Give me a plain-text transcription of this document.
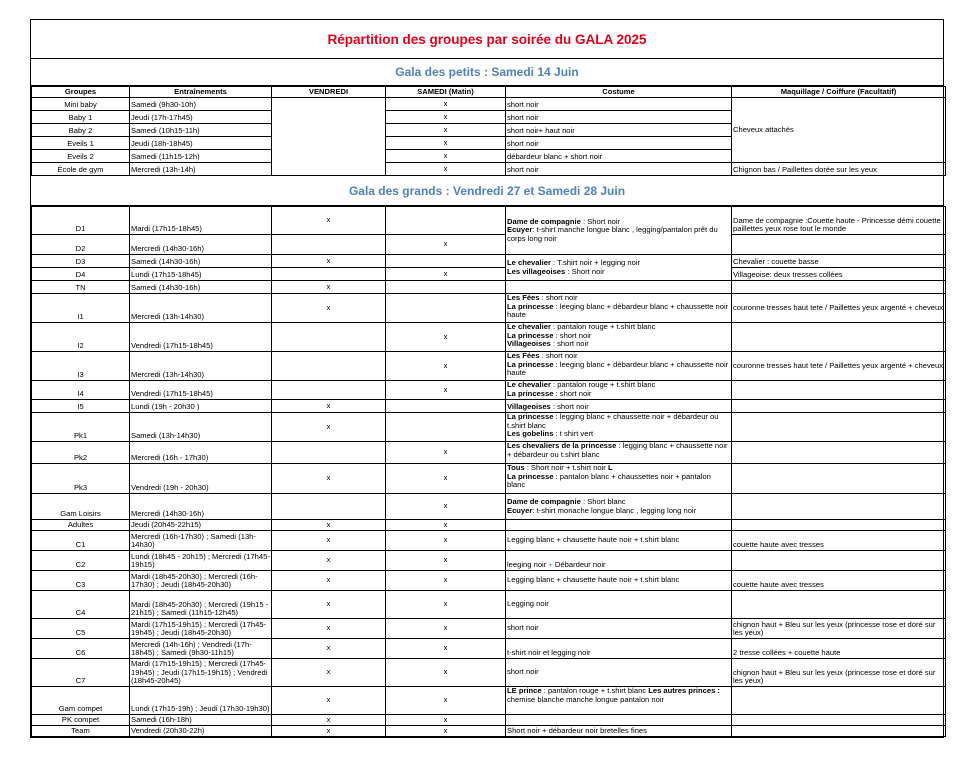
Répartition des groupes par soirée du GALA 2025
Gala des petits : Samedi 14 Juin
Groupes	Entraînements	VENDREDI	SAMEDI (Matin)	Costume	Maquillage / Coiffure (Facultatif)
Mini baby	Samedi (9h30-10h)		x	short noir	Cheveux attachés
Baby 1	Jeudi (17h-17h45)		x	short noir	
Baby 2	Samedi (10h15-11h)		x	short noir+ haut noir	
Eveils 1	Jeudi (18h-18h45)		x	short noir	
Eveils 2	Samedi (11h15-12h)		x	débardeur blanc + short noir	
École de gym	Mercredi (13h-14h)		x	short noir	Chignon bas / Paillettes dorée sur les yeux
Gala des grands : Vendredi 27 et Samedi 28 Juin
D1	Mardi (17h15-18h45)	x		Dame de compagnie : Short noir
Ecuyer: t-shirt manche longue blanc , legging/pantalon prêt du corps long noir	Dame de compagnie :Couette haute - Princesse démi couette paillettes yeux rose tout le monde
D2	Mercredi (14h30-16h)		x		
D3	Samedi (14h30-16h)	x		Le chevalier : T.shirt noir + legging noir
Les villageoises : Short noir	Chevalier : couette basse
D4	Lundi (17h15-18h45)		x		Villageoise: deux tresses collées
TN	Samedi (14h30-16h)	x			
I1	Mercredi (13h-14h30)	x		Les Fées : short noir
La princesse : leeging blanc + débardeur blanc + chaussette noir haute	couronne tresses haut tete / Paillettes yeux argenté + cheveux
I2	Vendredi (17h15-18h45)		x	Le chevalier : pantalon rouge + t.shirt blanc
La princesse : short noir
Villageoises : short noir	
I3	Mercredi (13h-14h30)		x	Les Fées : short noir
La princesse : leeging blanc + débardeur blanc + chaussette noir haute	couronne tresses haut tete / Paillettes yeux argenté + cheveux
I4	Vendredi (17h15-18h45)		x	Le chevalier : pantalon rouge + t.shirt blanc
La princesse : short noir	
I5	Lundi (19h - 20h30 )	x		Villageoises : short noir	
Pk1	Samedi (13h-14h30)	x		La princesse : legging blanc + chaussette noir + débardeur ou t.shirt blanc
Les gobelins : t shirt vert	
Pk2	Mercredi (16h - 17h30)		x	Les chevaliers de la princesse : legging blanc + chaussette noir + débardeur ou t.shirt blanc	
Pk3	Vendredi (19h - 20h30)	x	x	Tous : Short noir + t.shirt noir L
La princesse : pantalon blanc + chaussettes noir + pantalon blanc	
Gam Loisirs	Mercredi (14h30-16h)		x	Dame de compagnie : Short blanc
Ecuyer: t-shirt monache longue blanc , legging long noir	
Adultes	Jeudi (20h45-22h15)	x	x		
C1	Mercredi (16h-17h30) ; Samedi (13h-14h30)	x	x	Legging blanc + chausette haute noir + t.shirt blanc	couette haute avec tresses
C2	Lundi (18h45 - 20h15) ; Mercredi (17h45-19h15)	x	x	leeging noir + Débardeur noir	
C3	Mardi (18h45-20h30) ; Mercredi (16h-17h30) ; Jeudi (18h45-20h30)	x	x	Legging blanc + chausette haute noir + t.shirt blanc	couette haute avec tresses
C4	Mardi (18h45-20h30) ; Mercredi (19h15 - 21h15) ; Samedi (11h15-12h45)	x	x	Legging noir	
C5	Mardi (17h15-19h15) ; Mercredi (17h45-19h45) ; Jeudi (18h45-20h30)	x	x	short noir	chignon haut + Bleu sur les yeux (princesse rose et doré sur les yeux)
C6	Mercredi (14h-16h) ; Vendredi (17h-18h45) ; Samedi (9h30-11h15)	x	x	t-shirt noir et legging noir	2 tresse collées + couette haute
C7	Mardi (17h15-19h15) ; Mercredi (17h45-19h45) ; Jeudi (17h15-19h15) ; Vendredi (18h45-20h45)	x	x	short noir	chignon haut + Bleu sur les yeux (princesse rose et doré sur les yeux)
Gam compet	Lundi (17h15-19h) ; Jeudi (17h30-19h30)	x	x	LE prince : pantalon rouge + t.shirt blanc Les autres princes : chemise blanche manche longue pantalon noir	
PK compet	Samedi (16h-18h)	x	x		
Team	Vendredi (20h30-22h)	x	x	Short noir + débardeur noir bretelles fines	
